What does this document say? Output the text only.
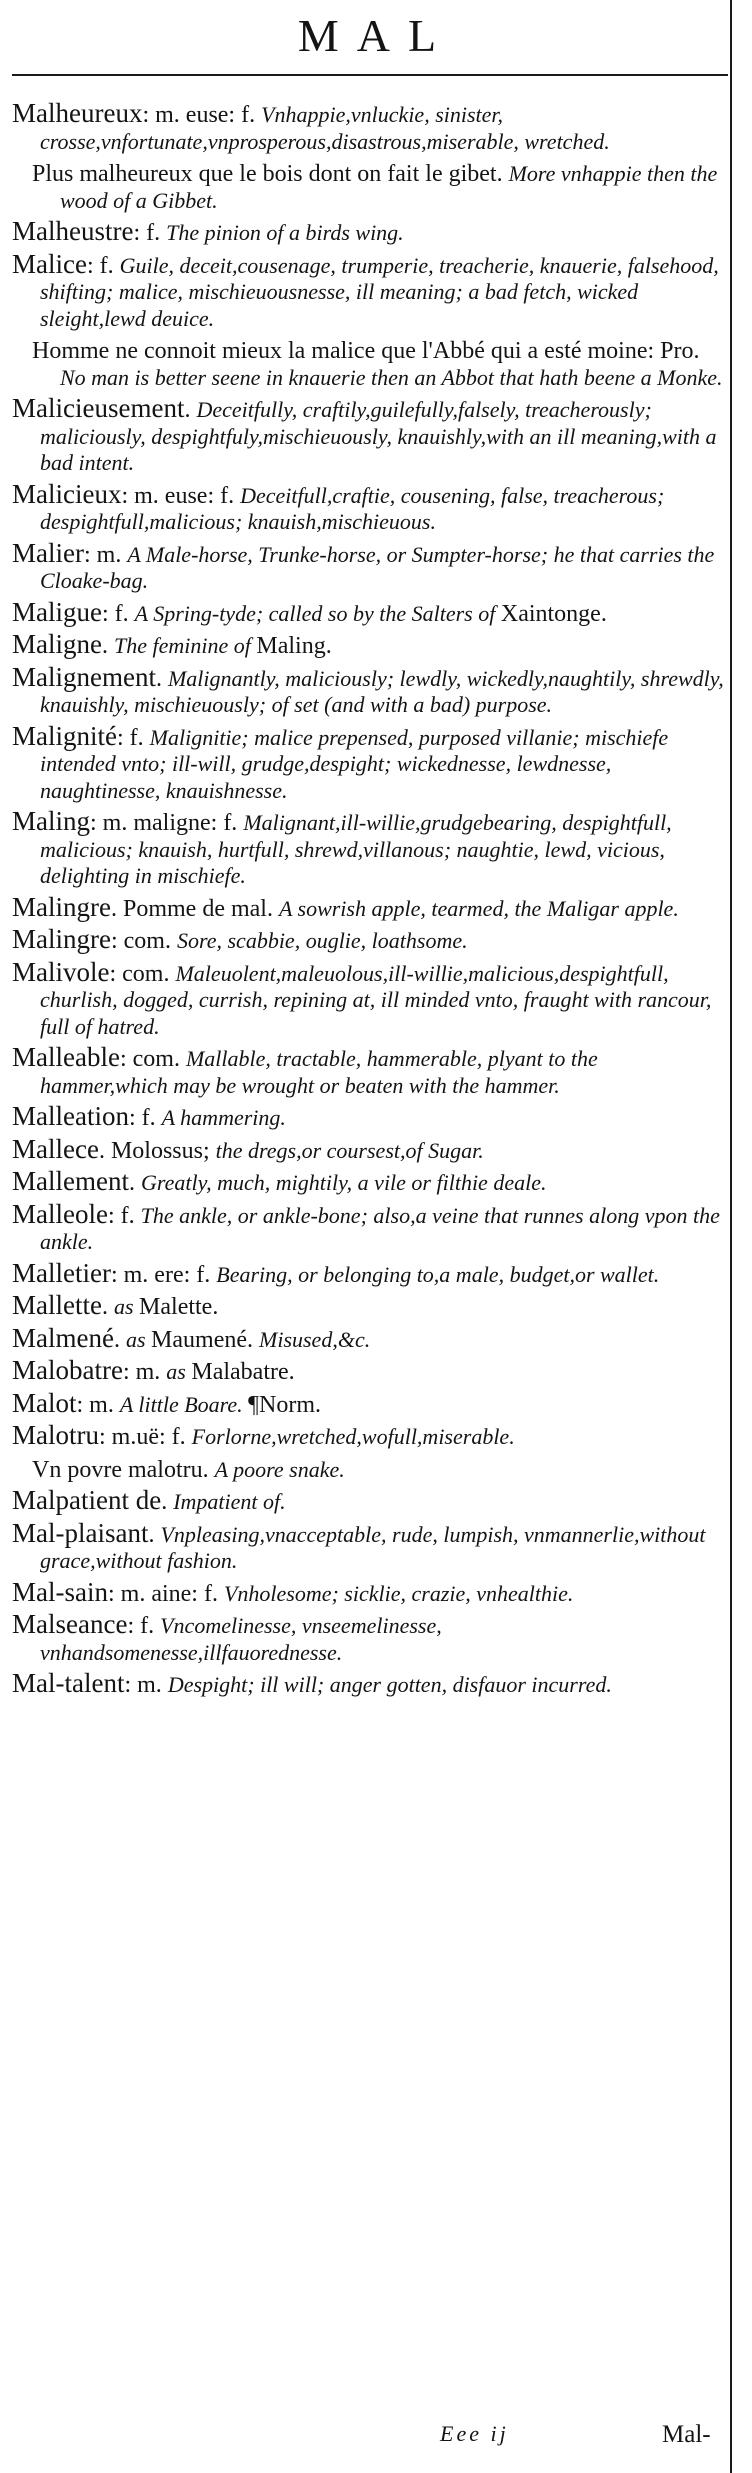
MAL

Malheureux: m. euse: f. Vnhappie,vnluckie, sinister, crosse,vnfortunate,vnprosperous,disastrous,miserable, wretched.

Plus malheureux que le bois dont on fait le gibet. More vnhappie then the wood of a Gibbet.

Malheustre: f. The pinion of a birds wing.

Malice: f. Guile, deceit,cousenage, trumperie, treacherie, knauerie, falsehood, shifting; malice, mischieuousnesse, ill meaning; a bad fetch, wicked sleight,lewd deuice.

Homme ne connoit mieux la malice que l'Abbé qui a esté moine: Pro. No man is better seene in knauerie then an Abbot that hath beene a Monke.

Malicieusement. Deceitfully, craftily,guilefully,falsely, treacherously; maliciously, despightfuly,mischieuously, knauishly,with an ill meaning,with a bad intent.

Malicieux: m. euse: f. Deceitfull,craftie, cousening, false, treacherous; despightfull,malicious; knauish,mischieuous.

Malier: m. A Male-horse, Trunke-horse, or Sumpter-horse; he that carries the Cloake-bag.

Maligue: f. A Spring-tyde; called so by the Salters of Xaintonge.

Maligne. The feminine of Maling.

Malignement. Malignantly, maliciously; lewdly, wickedly,naughtily, shrewdly, knauishly, mischieuously; of set (and with a bad) purpose.

Malignité: f. Malignitie; malice prepensed, purposed villanie; mischiefe intended vnto; ill-will, grudge,despight; wickednesse, lewdnesse, naughtinesse, knauishnesse.

Maling: m. maligne: f. Malignant,ill-willie,grudgebearing, despightfull, malicious; knauish, hurtfull, shrewd,villanous; naughtie, lewd, vicious, delighting in mischiefe.

Malingre. Pomme de mal. A sowrish apple, tearmed, the Maligar apple.

Malingre: com. Sore, scabbie, ouglie, loathsome.

Malivole: com. Maleuolent,maleuolous,ill-willie,malicious,despightfull, churlish, dogged, currish, repining at, ill minded vnto, fraught with rancour, full of hatred.

Malleable: com. Mallable, tractable, hammerable, plyant to the hammer,which may be wrought or beaten with the hammer.

Malleation: f. A hammering.

Mallece. Molossus; the dregs,or coursest,of Sugar.

Mallement. Greatly, much, mightily, a vile or filthie deale.

Malleole: f. The ankle, or ankle-bone; also,a veine that runnes along vpon the ankle.

Malletier: m. ere: f. Bearing, or belonging to,a male, budget,or wallet.

Mallette. as Malette.

Malmené. as Maumené. Misused,&c.

Malobatre: m. as Malabatre.

Malot: m. A little Boare. ¶Norm.

Malotru: m.uë: f. Forlorne,wretched,wofull,miserable.

Vn povre malotru. A poore snake.

Malpatient de. Impatient of.

Mal-plaisant. Vnpleasing,vnacceptable, rude, lumpish, vnmannerlie,without grace,without fashion.

Mal-sain: m. aine: f. Vnholesome; sicklie, crazie, vnhealthie.

Malseance: f. Vncomelinesse, vnseemelinesse, vnhandsomenesse,illfauorednesse.

Mal-talent: m. Despight; ill will; anger gotten, disfauor incurred.

Eee ij	Mal-
